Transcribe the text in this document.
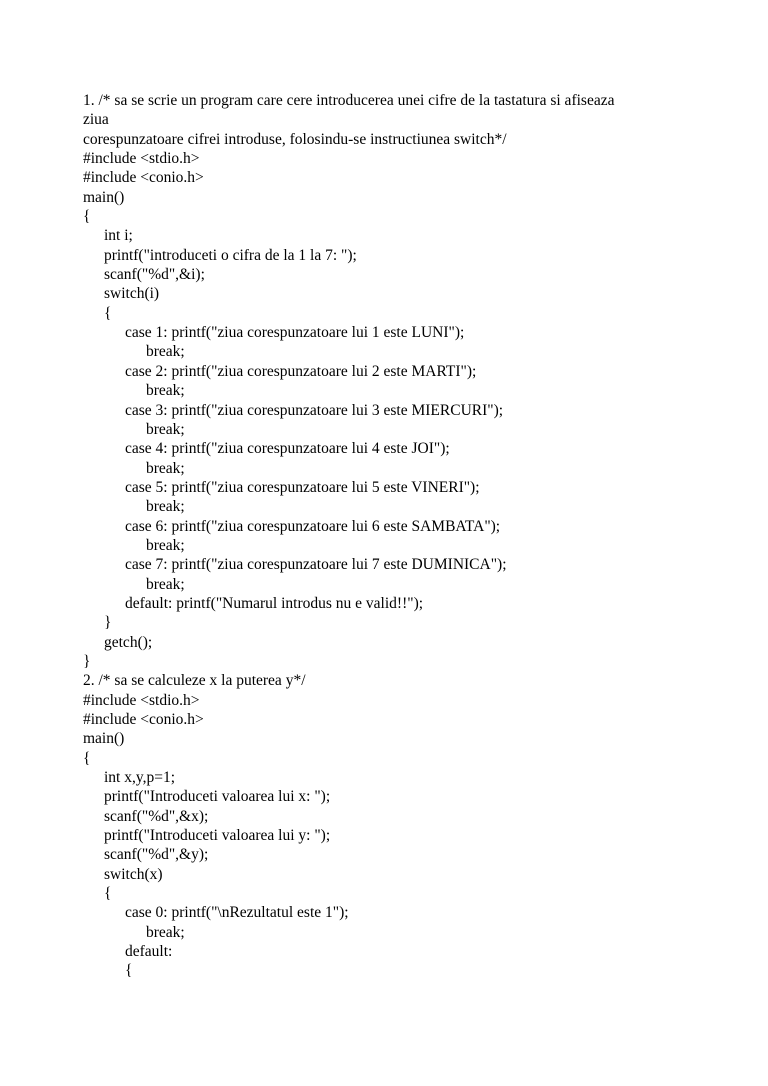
1. /* sa se scrie un program care cere introducerea unei cifre de la tastatura si afiseaza
ziua
corespunzatoare cifrei introduse, folosindu-se instructiunea switch*/
#include <stdio.h>
#include <conio.h>
main()
{
int i;
printf("introduceti o cifra de la 1 la 7: ");
scanf("%d",&i);
switch(i)
{
case 1: printf("ziua corespunzatoare lui 1 este LUNI");
break;
case 2: printf("ziua corespunzatoare lui 2 este MARTI");
break;
case 3: printf("ziua corespunzatoare lui 3 este MIERCURI");
break;
case 4: printf("ziua corespunzatoare lui 4 este JOI");
break;
case 5: printf("ziua corespunzatoare lui 5 este VINERI");
break;
case 6: printf("ziua corespunzatoare lui 6 este SAMBATA");
break;
case 7: printf("ziua corespunzatoare lui 7 este DUMINICA");
break;
default: printf("Numarul introdus nu e valid!!");
}
getch();
}
2. /* sa se calculeze x la puterea y*/
#include <stdio.h>
#include <conio.h>
main()
{
int x,y,p=1;
printf("Introduceti valoarea lui x: ");
scanf("%d",&x);
printf("Introduceti valoarea lui y: ");
scanf("%d",&y);
switch(x)
{
case 0: printf("\nRezultatul este 1");
break;
default:
{
